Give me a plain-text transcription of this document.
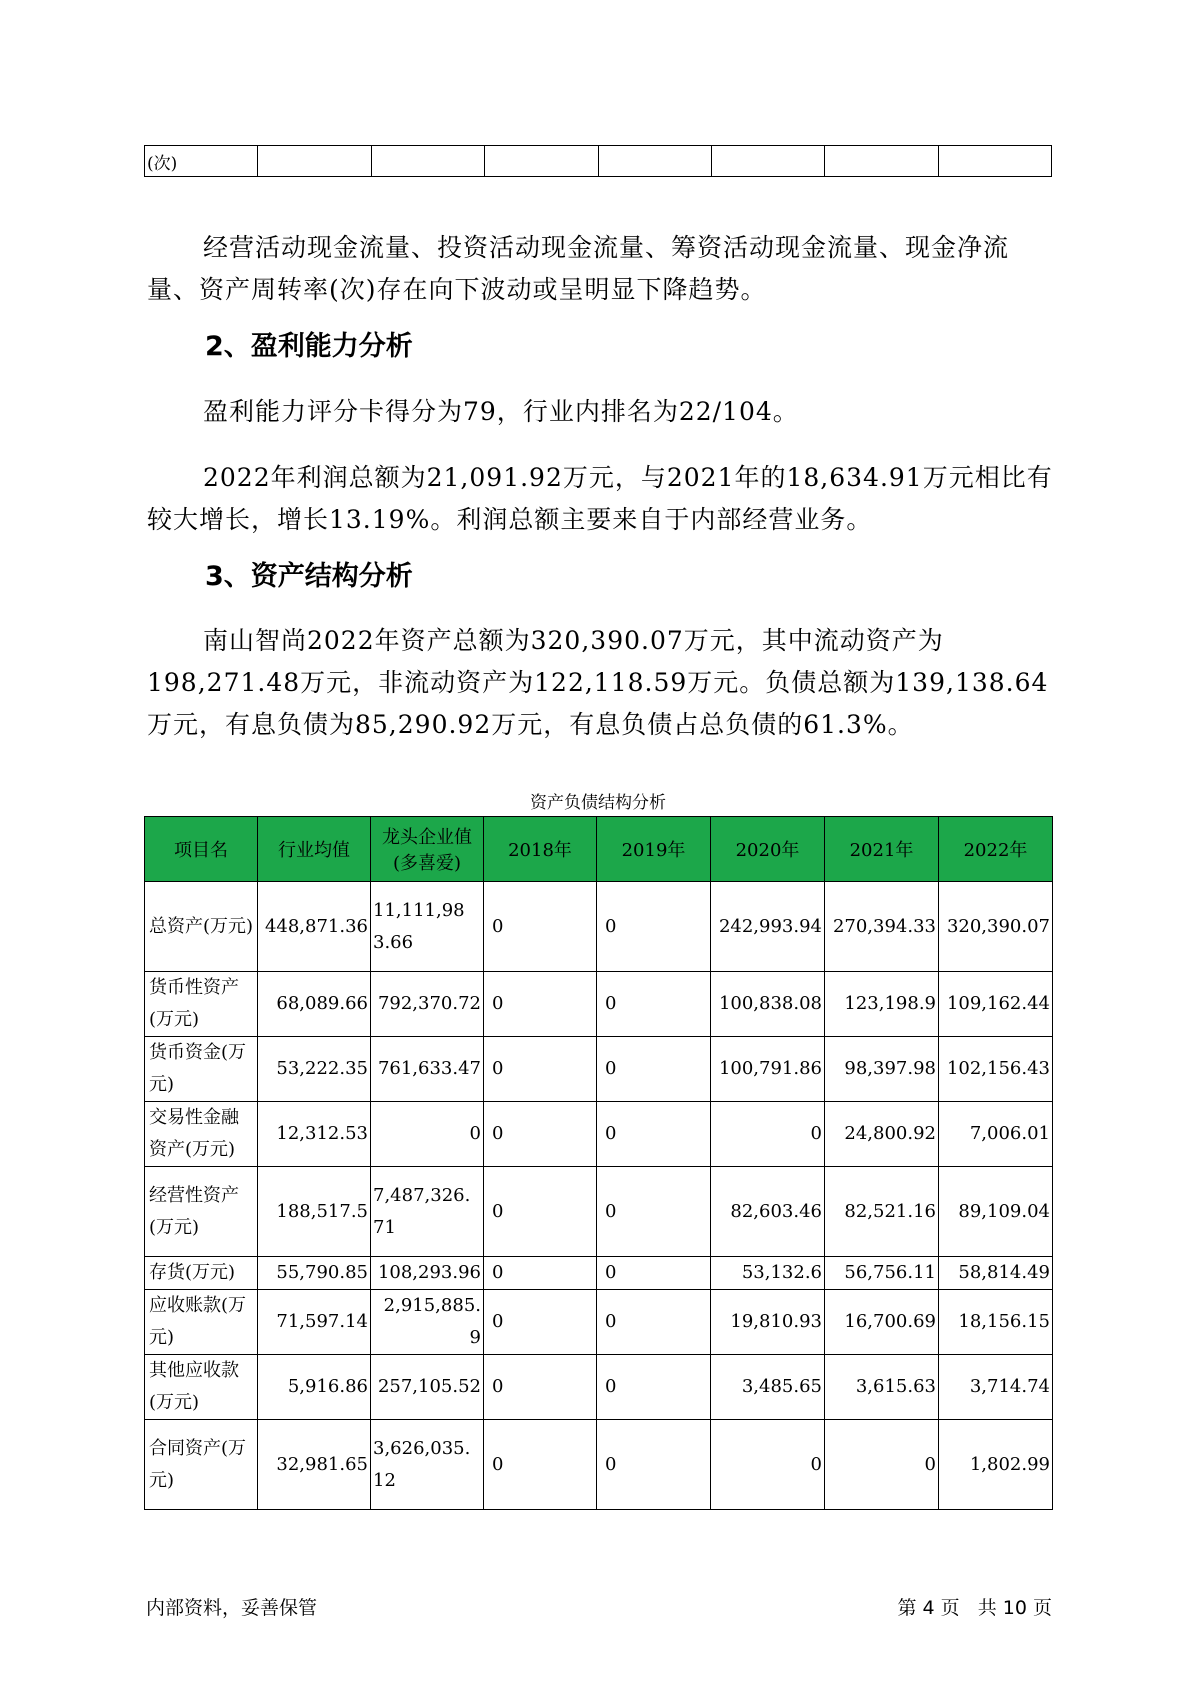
(次)							

经营活动现金流量、投资活动现金流量、筹资活动现金流量、现金净流量、资产周转率(次)存在向下波动或呈明显下降趋势。

2、盈利能力分析

盈利能力评分卡得分为79，行业内排名为22/104。

2022年利润总额为21,091.92万元，与2021年的18,634.91万元相比有较大增长，增长13.19%。利润总额主要来自于内部经营业务。

3、资产结构分析

南山智尚2022年资产总额为320,390.07万元，其中流动资产为198,271.48万元，非流动资产为122,118.59万元。负债总额为139,138.64万元，有息负债为85,290.92万元，有息负债占总负债的61.3%。

资产负债结构分析
项目名	行业均值	龙头企业值(多喜爱)	2018年	2019年	2020年	2021年	2022年
总资产(万元)	448,871.36	11,111,983.66	0	0	242,993.94	270,394.33	320,390.07
货币性资产(万元)	68,089.66	792,370.72	0	0	100,838.08	123,198.9	109,162.44
货币资金(万元)	53,222.35	761,633.47	0	0	100,791.86	98,397.98	102,156.43
交易性金融资产(万元)	12,312.53	0	0	0	0	24,800.92	7,006.01
经营性资产(万元)	188,517.5	7,487,326.71	0	0	82,603.46	82,521.16	89,109.04
存货(万元)	55,790.85	108,293.96	0	0	53,132.6	56,756.11	58,814.49
应收账款(万元)	71,597.14	2,915,885.9	0	0	19,810.93	16,700.69	18,156.15
其他应收款(万元)	5,916.86	257,105.52	0	0	3,485.65	3,615.63	3,714.74
合同资产(万元)	32,981.65	3,626,035.12	0	0	0	0	1,802.99
内部资料，妥善保管	第 4 页   共 10 页
